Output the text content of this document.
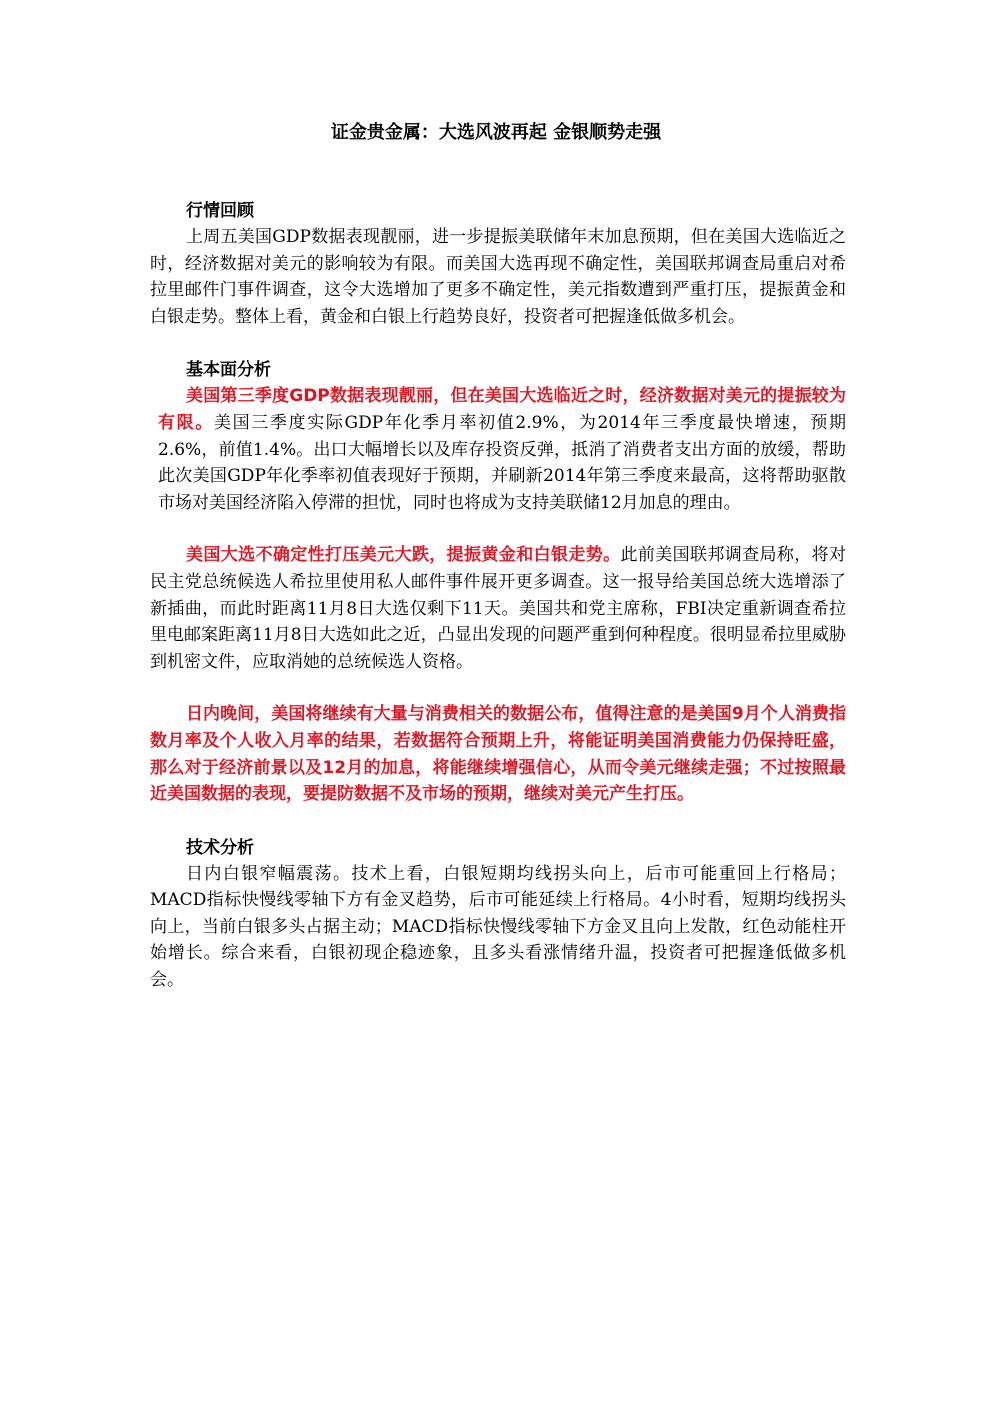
证金贵金属：大选风波再起 金银顺势走强

行情回顾

上周五美国GDP数据表现靓丽，进一步提振美联储年末加息预期，但在美国大选临近之时，经济数据对美元的影响较为有限。而美国大选再现不确定性，美国联邦调查局重启对希拉里邮件门事件调查，这令大选增加了更多不确定性，美元指数遭到严重打压，提振黄金和白银走势。整体上看，黄金和白银上行趋势良好，投资者可把握逢低做多机会。

基本面分析

美国第三季度GDP数据表现靓丽，但在美国大选临近之时，经济数据对美元的提振较为有限。美国三季度实际GDP年化季月率初值2.9%，为2014年三季度最快增速，预期2.6%，前值1.4%。出口大幅增长以及库存投资反弹，抵消了消费者支出方面的放缓，帮助此次美国GDP年化季率初值表现好于预期，并刷新2014年第三季度来最高，这将帮助驱散市场对美国经济陷入停滞的担忧，同时也将成为支持美联储12月加息的理由。

美国大选不确定性打压美元大跌，提振黄金和白银走势。此前美国联邦调查局称，将对民主党总统候选人希拉里使用私人邮件事件展开更多调查。这一报导给美国总统大选增添了新插曲，而此时距离11月8日大选仅剩下11天。美国共和党主席称，FBI决定重新调查希拉里电邮案距离11月8日大选如此之近，凸显出发现的问题严重到何种程度。很明显希拉里威胁到机密文件，应取消她的总统候选人资格。

日内晚间，美国将继续有大量与消费相关的数据公布，值得注意的是美国9月个人消费指数月率及个人收入月率的结果，若数据符合预期上升，将能证明美国消费能力仍保持旺盛，那么对于经济前景以及12月的加息，将能继续增强信心，从而令美元继续走强；不过按照最近美国数据的表现，要提防数据不及市场的预期，继续对美元产生打压。

技术分析

日内白银窄幅震荡。技术上看，白银短期均线拐头向上，后市可能重回上行格局；MACD指标快慢线零轴下方有金叉趋势，后市可能延续上行格局。4小时看，短期均线拐头向上，当前白银多头占据主动；MACD指标快慢线零轴下方金叉且向上发散，红色动能柱开始增长。综合来看，白银初现企稳迹象，且多头看涨情绪升温，投资者可把握逢低做多机会。
